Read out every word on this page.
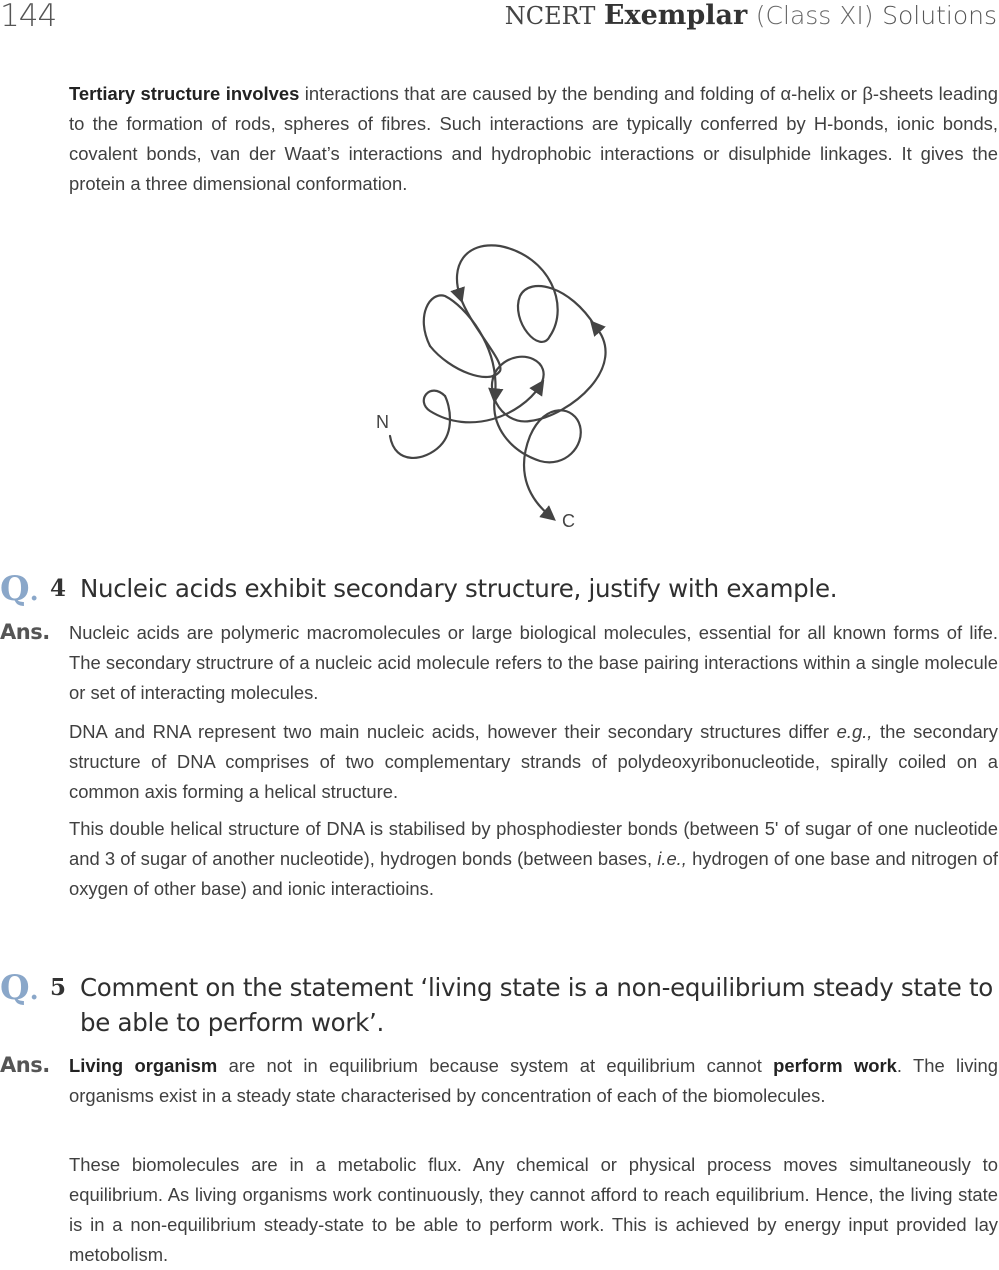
144	NCERT Exemplar (Class XI) Solutions

Tertiary structure involves interactions that are caused by the bending and folding of α-helix or β-sheets leading to the formation of rods, spheres of fibres. Such interactions are typically conferred by H-bonds, ionic bonds, covalent bonds, van der Waat’s interactions and hydrophobic interactions or disulphide linkages. It gives the protein a three dimensional conformation.

N
C
Q. 4 Nucleic acids exhibit secondary structure, justify with example.
Ans. Nucleic acids are polymeric macromolecules or large biological molecules, essential for all known forms of life. The secondary structrure of a nucleic acid molecule refers to the base pairing interactions within a single molecule or set of interacting molecules.

DNA and RNA represent two main nucleic acids, however their secondary structures differ e.g., the secondary structure of DNA comprises of two complementary strands of polydeoxyribonucleotide, spirally coiled on a common axis forming a helical structure.

This double helical structure of DNA is stabilised by phosphodiester bonds (between 5' of sugar of one nucleotide and 3 of sugar of another nucleotide), hydrogen bonds (between bases, i.e., hydrogen of one base and nitrogen of oxygen of other base) and ionic interactioins.

Q. 5 Comment on the statement ‘living state is a non-equilibrium steady state to be able to perform work’.
Ans. Living organism are not in equilibrium because system at equilibrium cannot perform work. The living organisms exist in a steady state characterised by concentration of each of the biomolecules.

These biomolecules are in a metabolic flux. Any chemical or physical process moves simultaneously to equilibrium. As living organisms work continuously, they cannot afford to reach equilibrium. Hence, the living state is in a non-equilibrium steady-state to be able to perform work. This is achieved by energy input provided lay metobolism.
